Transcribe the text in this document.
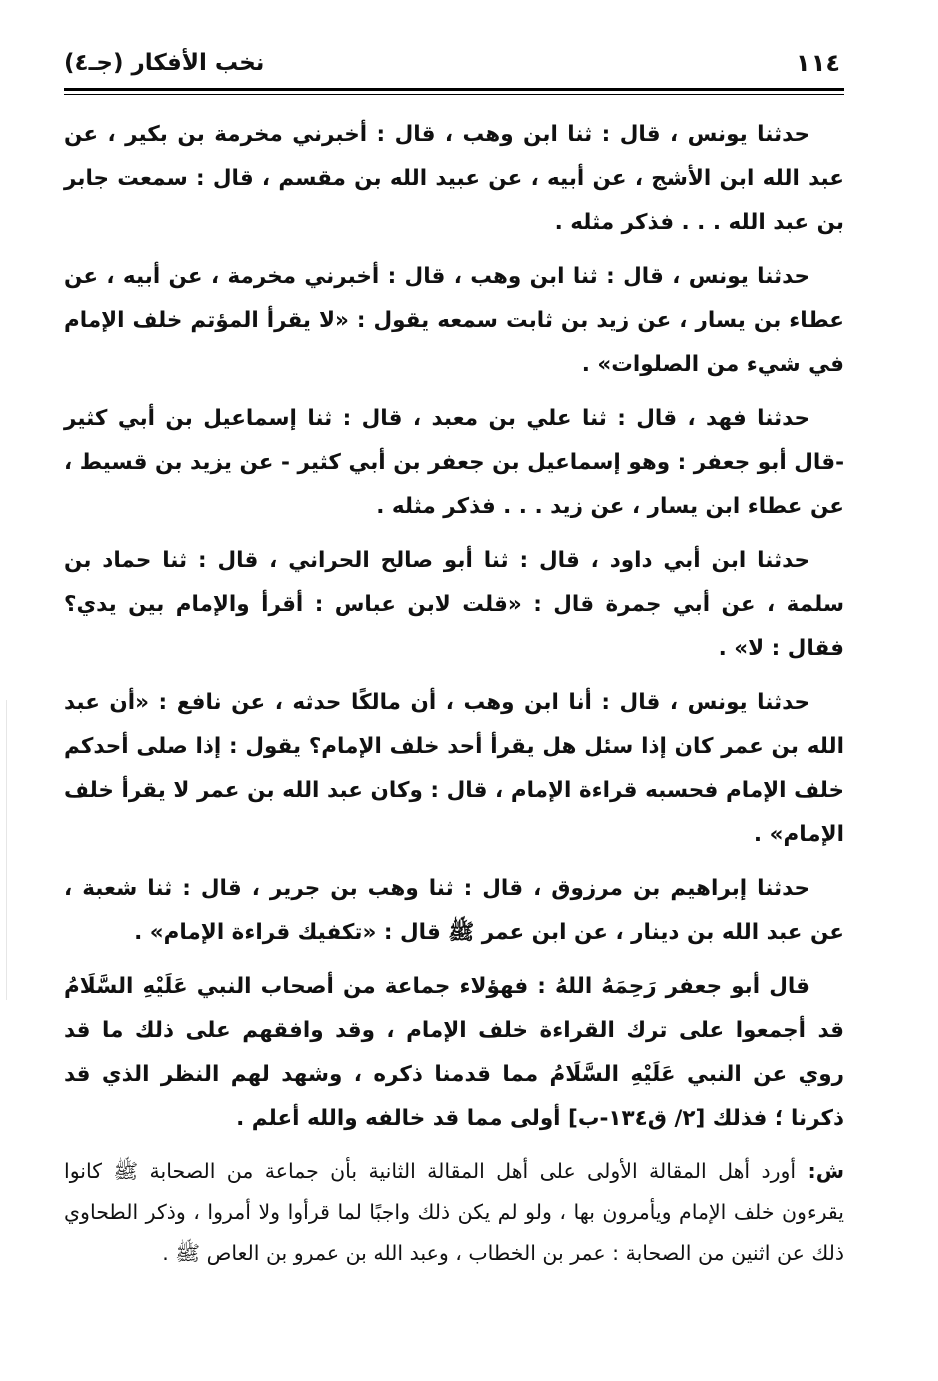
١١٤
نخب الأفكار (جـ٤)

حدثنا يونس ، قال : ثنا ابن وهب ، قال : أخبرني مخرمة بن بكير ، عن عبد الله ابن الأشج ، عن أبيه ، عن عبيد الله بن مقسم ، قال : سمعت جابر بن عبد الله . . . فذكر مثله .

حدثنا يونس ، قال : ثنا ابن وهب ، قال : أخبرني مخرمة ، عن أبيه ، عن عطاء بن يسار ، عن زيد بن ثابت سمعه يقول : «لا يقرأ المؤتم خلف الإمام في شيء من الصلوات» .

حدثنا فهد ، قال : ثنا علي بن معبد ، قال : ثنا إسماعيل بن أبي كثير -قال أبو جعفر : وهو إسماعيل بن جعفر بن أبي كثير - عن يزيد بن قسيط ، عن عطاء ابن يسار ، عن زيد . . . فذكر مثله .

حدثنا ابن أبي داود ، قال : ثنا أبو صالح الحراني ، قال : ثنا حماد بن سلمة ، عن أبي جمرة قال : «قلت لابن عباس : أقرأ والإمام بين يدي؟ فقال : لا» .

حدثنا يونس ، قال : أنا ابن وهب ، أن مالكًا حدثه ، عن نافع : «أن عبد الله بن عمر كان إذا سئل هل يقرأ أحد خلف الإمام؟ يقول : إذا صلى أحدكم خلف الإمام فحسبه قراءة الإمام ، قال : وكان عبد الله بن عمر لا يقرأ خلف الإمام» .

حدثنا إبراهيم بن مرزوق ، قال : ثنا وهب بن جرير ، قال : ثنا شعبة ، عن عبد الله بن دينار ، عن ابن عمر ﷺ قال : «تكفيك قراءة الإمام» .

قال أبو جعفر رَحِمَهُ اللهُ : فهؤلاء جماعة من أصحاب النبي عَلَيْهِ السَّلَامُ قد أجمعوا على ترك القراءة خلف الإمام ، وقد وافقهم على ذلك ما قد روي عن النبي عَلَيْهِ السَّلَامُ مما قدمنا ذكره ، وشهد لهم النظر الذي قد ذكرنا ؛ فذلك [٢/ ق١٣٤-ب] أولى مما قد خالفه والله أعلم .

ش: أورد أهل المقالة الأولى على أهل المقالة الثانية بأن جماعة من الصحابة ﷺ كانوا يقرءون خلف الإمام ويأمرون بها ، ولو لم يكن ذلك واجبًا لما قرأوا ولا أمروا ، وذكر الطحاوي ذلك عن اثنين من الصحابة : عمر بن الخطاب ، وعبد الله بن عمرو بن العاص ﷺ .
